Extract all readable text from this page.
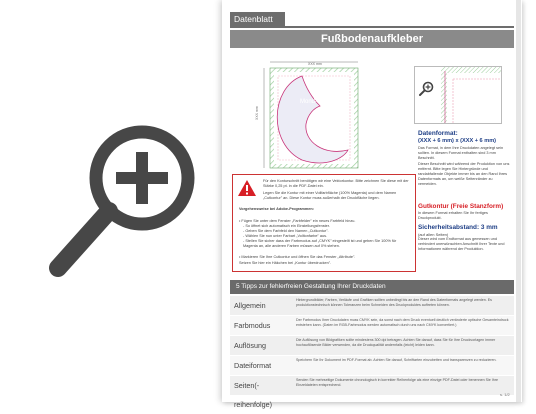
Datenblatt
Fußbodenaufkleber
Mond-Form
XXX mm
XXX mm
Datenformat:
(XXX + 6 mm) x (XXX + 6 mm)
Das Format, in dem Ihre Druckdaten angelegt sein sollten. In diesem Format enthalten sind 3 mm Beschnitt.
Dieser Beschnitt wird während der Produktion von uns entfernt. Bitte legen Sie Hintergründe und randabfallende Objekte immer bis an den Rand Ihres Datenformats an, um weiße Seitenränder zu vermeiden.
Gutkontur (Freie Stanzform)
In diesem Format erhalten Sie Ihr fertiges Druckprodukt.
Sicherheitsabstand: 3 mm
(auf allen Seiten)
Dieser wird vom Endformat aus gemessen und verhindert unerwünschten Anschnitt Ihrer Texte und Informationen während der Produktion.
Für den Konturschnitt benötigen wir eine Vektorkontur. Bitte zeichnen Sie diese mit der Stärke 0,25 pt. in die PDF-Datei ein.
Legen Sie die Kontur mit einer Vollfarbfläche (100% Magenta) und dem Namen „Cutkontur" an. Diese Kontur muss außerhalb der Druckfläche liegen.
Vorgehensweise bei Adobe-Programmen:
• Fügen Sie unter dem Fenster „Farbfelder" ein neues Farbfeld hinzu.
- So öffnet sich automatisch ein Einstellungsfenster.
- Geben Sie dem Farbfeld den Namen „Cutkontur".
- Wählen Sie nun unter Farbart „Volltonfarbe" aus.
- Stellen Sie sicher dass der Farbmodus auf „CMYK" eingestellt ist und geben Sie 100% für Magenta an, alle anderen Farben müssen auf 0% stehen.
• Markieren Sie Ihre Cutkontur und öffnen Sie das Fenster „Attribute".
Setzen Sie hier ein Häkchen bei „Kontur überdrucken".
5 Tipps zur fehlerfreien Gestaltung Ihrer Druckdaten
Allgemein
Hintergrundbilder, Farben, Verläufe und Grafiken sollten unbedingt bis an den Rand des Datenformats angelegt werden. Es produktionstechnisch können Toleranzen beim Schneiden des Druckproduktes auftreten können.
Farbmodus
Der Farbmodus Ihrer Druckdaten muss CMYK sein, da sonst nach dem Druck eventuell deutlich veränderte optische Gesamteindruck entstehen kann. (Daten im RGB-Farbmodus werden automatisch durch uns nach CMYK konvertiert.)
Auflösung
Die Auflösung von Bildgrafiken sollte mindestens 300 dpi betragen. Achten Sie darauf, dass Sie für Ihre Druckvorlagen immer hochauflösende Bilder verwenden, da die Druckqualität andernfalls (leicht) leiden kann.
Dateiformat
Speichern Sie Ihr Dokument im PDF-Format ab. Achten Sie darauf, Schriftarten einzubetten und transparenzen zu reduzieren.
Seiten(-reihenfolge)
Senden Sie mehrseitige Dokumente chronologisch in korrekter Reihenfolge als eine einzige PDF-Datei oder benennen Sie Ihre Einzeldateien entsprechend.
s. 1/2
